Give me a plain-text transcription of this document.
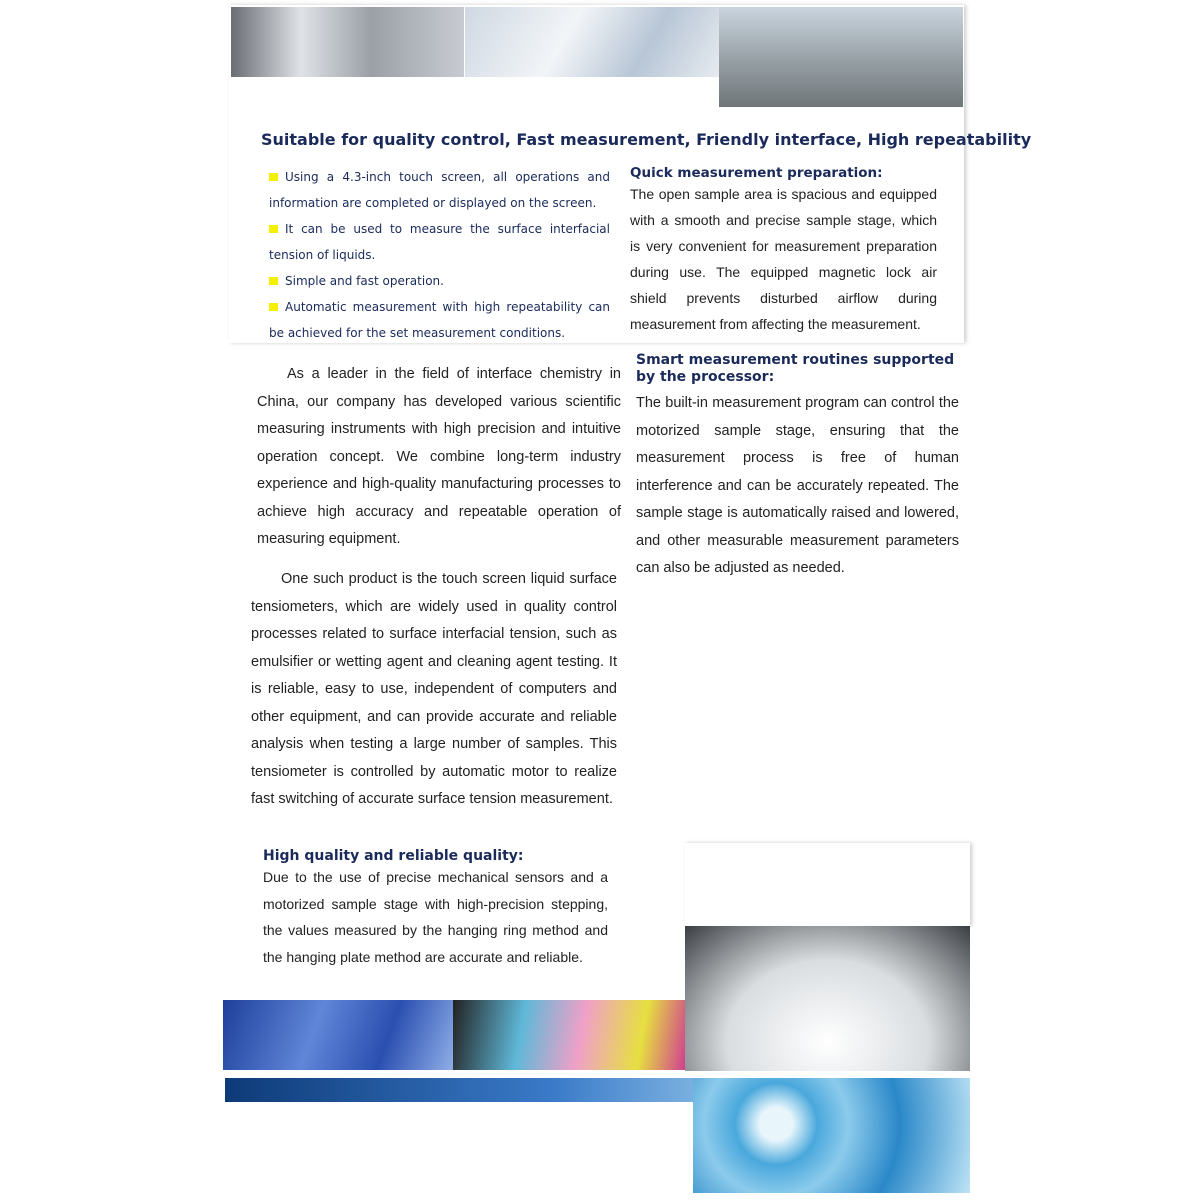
Suitable for quality control, Fast measurement, Friendly interface, High repeatability
Using a 4.3-inch touch screen, all operations and information are completed or displayed on the screen.
It can be used to measure the surface interfacial tension of liquids.
Simple and fast operation.
Automatic measurement with high repeatability can be achieved for the set measurement conditions.
Quick measurement preparation:
The open sample area is spacious and equipped with a smooth and precise sample stage, which is very convenient for measurement preparation during use. The equipped magnetic lock air shield prevents disturbed airflow during measurement from affecting the measurement.
Smart measurement routines supported by the processor:
The built-in measurement program can control the motorized sample stage, ensuring that the measurement process is free of human interference and can be accurately repeated. The sample stage is automatically raised and lowered, and other measurable measurement parameters can also be adjusted as needed.
As a leader in the field of interface chemistry in China, our company has developed various scientific measuring instruments with high precision and intuitive operation concept. We combine long-term industry experience and high-quality manufacturing processes to achieve high accuracy and repeatable operation of measuring equipment.
One such product is the touch screen liquid surface tensiometers, which are widely used in quality control processes related to surface interfacial tension, such as emulsifier or wetting agent and cleaning agent testing. It is reliable, easy to use, independent of computers and other equipment, and can provide accurate and reliable analysis when testing a large number of samples. This tensiometer is controlled by automatic motor to realize fast switching of accurate surface tension measurement.
High quality and reliable quality:
Due to the use of precise mechanical sensors and a motorized sample stage with high-precision stepping, the values measured by the hanging ring method and the hanging plate method are accurate and reliable.
